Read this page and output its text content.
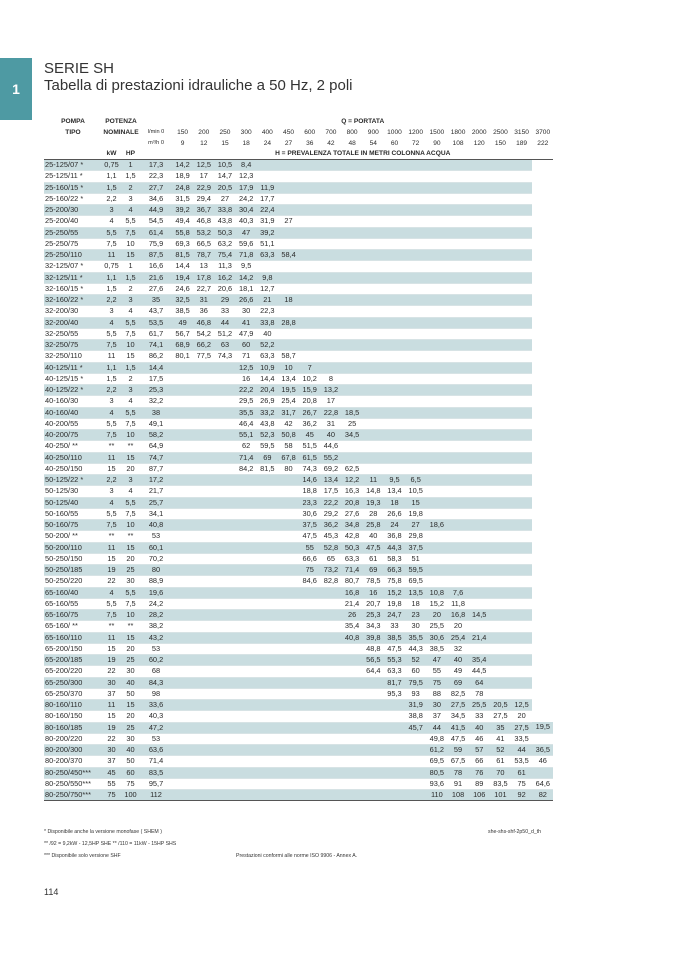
1

SERIE SH

Tabella di prestazioni idrauliche a 50 Hz, 2 poli

POMPA	POTENZA			Q = PORTATA																	
TIPO	NOMINALE		l/min 0	150	200	250	300	400	450	600	700	800	900	1000	1200	1500	1800	2000	2500	3150	3700
			m³/h 0	9	12	15	18	24	27	36	42	48	54	60	72	90	108	120	150	189	222
	kW	HP		H = PREVALENZA TOTALE IN METRI COLONNA ACQUA																	
25-125/07 *	0,75	1	17,3	14,2	12,5	10,5	8,4														
25-125/11 *	1,1	1,5	22,3	18,9	17	14,7	12,3														
25-160/15 *	1,5	2	27,7	24,8	22,9	20,5	17,9	11,9													
25-160/22 *	2,2	3	34,6	31,5	29,4	27	24,2	17,7													
25-200/30	3	4	44,9	39,2	36,7	33,8	30,4	22,4													
25-200/40	4	5,5	54,5	49,4	46,8	43,8	40,3	31,9	27												
25-250/55	5,5	7,5	61,4	55,8	53,2	50,3	47	39,2													
25-250/75	7,5	10	75,9	69,3	66,5	63,2	59,6	51,1													
25-250/110	11	15	87,5	81,5	78,7	75,4	71,8	63,3	58,4												
32-125/07 *	0,75	1	16,6	14,4	13	11,3	9,5														
32-125/11 *	1,1	1,5	21,6	19,4	17,8	16,2	14,2	9,8													
32-160/15 *	1,5	2	27,6	24,6	22,7	20,6	18,1	12,7													
32-160/22 *	2,2	3	35	32,5	31	29	26,6	21	18												
32-200/30	3	4	43,7	38,5	36	33	30	22,3													
32-200/40	4	5,5	53,5	49	46,8	44	41	33,8	28,8												
32-250/55	5,5	7,5	61,7	56,7	54,2	51,2	47,9	40													
32-250/75	7,5	10	74,1	68,9	66,2	63	60	52,2													
32-250/110	11	15	86,2	80,1	77,5	74,3	71	63,3	58,7												
40-125/11 *	1,1	1,5	14,4				12,5	10,9	10	7											
40-125/15 *	1,5	2	17,5				16	14,4	13,4	10,2	8										
40-125/22 *	2,2	3	25,3				22,2	20,4	19,5	15,9	13,2										
40-160/30	3	4	32,2				29,5	26,9	25,4	20,8	17										
40-160/40	4	5,5	38				35,5	33,2	31,7	26,7	22,8	18,5									
40-200/55	5,5	7,5	49,1				46,4	43,8	42	36,2	31	25									
40-200/75	7,5	10	58,2				55,1	52,3	50,8	45	40	34,5									
40-250/ **	**	**	64,9				62	59,5	58	51,5	44,6										
40-250/110	11	15	74,7				71,4	69	67,8	61,5	55,2										
40-250/150	15	20	87,7				84,2	81,5	80	74,3	69,2	62,5									
50-125/22 *	2,2	3	17,2							14,6	13,4	12,2	11	9,5	6,5						
50-125/30	3	4	21,7							18,8	17,5	16,3	14,8	13,4	10,5						
50-125/40	4	5,5	25,7							23,3	22,2	20,8	19,3	18	15						
50-160/55	5,5	7,5	34,1							30,6	29,2	27,6	28	26,6	19,8						
50-160/75	7,5	10	40,8							37,5	36,2	34,8	25,8	24	27	18,6					
50-200/ **	**	**	53							47,5	45,3	42,8	40	36,8	29,8						
50-200/110	11	15	60,1							55	52,8	50,3	47,5	44,3	37,5						
50-250/150	15	20	70,2							66,6	65	63,3	61	58,3	51						
50-250/185	19	25	80							75	73,2	71,4	69	66,3	59,5						
50-250/220	22	30	88,9							84,6	82,8	80,7	78,5	75,8	69,5						
65-160/40	4	5,5	19,6									16,8	16	15,2	13,5	10,8	7,6				
65-160/55	5,5	7,5	24,2									21,4	20,7	19,8	18	15,2	11,8				
65-160/75	7,5	10	28,2									26	25,3	24,7	23	20	16,8	14,5			
65-160/ **	**	**	38,2									35,4	34,3	33	30	25,5	20				
65-160/110	11	15	43,2									40,8	39,8	38,5	35,5	30,6	25,4	21,4			
65-200/150	15	20	53										48,8	47,5	44,3	38,5	32				
65-200/185	19	25	60,2										56,5	55,3	52	47	40	35,4			
65-200/220	22	30	68										64,4	63,3	60	55	49	44,5			
65-250/300	30	40	84,3											81,7	79,5	75	69	64			
65-250/370	37	50	98											95,3	93	88	82,5	78			
80-160/110	11	15	33,6												31,9	30	27,5	25,5	20,5	12,5	
80-160/150	15	20	40,3												38,8	37	34,5	33	27,5	20	
80-160/185	19	25	47,2												45,7	44	41,5	40	35	27,5	19,5
80-200/220	22	30	53													49,8	47,5	46	41	33,5	
80-200/300	30	40	63,6													61,2	59	57	52	44	36,5
80-200/370	37	50	71,4													69,5	67,5	66	61	53,5	46
80-250/450***	45	60	83,5													80,5	78	76	70	61	
80-250/550***	55	75	95,7													93,6	91	89	83,5	75	64,6
80-250/750***	75	100	112													110	108	106	101	92	82
* Disponibile anche la versione monofase ( SHEM )	she-shs-shf-2p50_d_th
** /92 = 9,2kW - 12,5HP SHE ** /110 = 11kW - 15HP SHS
*** Disponibile solo versione SHF	Prestazioni conformi alle norme ISO 9906 - Annex A.
114
